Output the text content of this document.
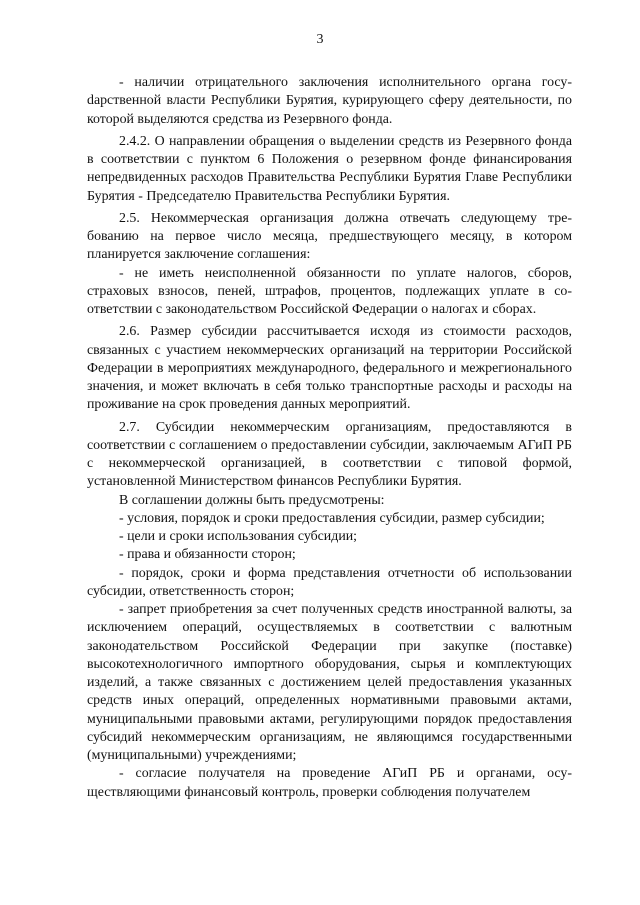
3

- наличии отрицательного заключения исполнительного органа госуdарственной власти Республики Бурятия, курирующего сферу деятельности, по которой выделяются средства из Резервного фонда.

2.4.2. О направлении обращения о выделении средств из Резервного фонда в соответствии с пунктом 6 Положения о резервном фонде финансирования непредвиденных расходов Правительства Республики Бурятия Главе Республики Бурятия - Председателю Правительства Республики Бурятия.

2.5. Некоммерческая организация должна отвечать следующему требованию на первое число месяца, предшествующего месяцу, в котором планируется заключение соглашения:

- не иметь неисполненной обязанности по уплате налогов, сборов, страховых взносов, пеней, штрафов, процентов, подлежащих уплате в соответствии с законодательством Российской Федерации о налогах и сборах.

2.6. Размер субсидии рассчитывается исходя из стоимости расходов, связанных с участием некоммерческих организаций на территории Российской Федерации в мероприятиях международного, федерального и межрегионального значения, и может включать в себя только транспортные расходы и расходы на проживание на срок проведения данных мероприятий.

2.7. Субсидии некоммерческим организациям, предоставляются в соответствии с соглашением о предоставлении субсидии, заключаемым АГиП РБ с некоммерческой организацией, в соответствии с типовой формой, установленной Министерством финансов Республики Бурятия.

В соглашении должны быть предусмотрены:

- условия, порядок и сроки предоставления субсидии, размер субсидии;

- цели и сроки использования субсидии;

- права и обязанности сторон;

- порядок, сроки и форма представления отчетности об использовании субсидии, ответственность сторон;

- запрет приобретения за счет полученных средств иностранной валюты, за исключением операций, осуществляемых в соответствии с валютным законодательством Российской Федерации при закупке (поставке) высокотехнологичного импортного оборудования, сырья и комплектующих изделий, а также связанных с достижением целей предоставления указанных средств иных операций, определенных нормативными правовыми актами, муниципальными правовыми актами, регулирующими порядок предоставления субсидий некоммерческим организациям, не являющимся государственными (муниципальными) учреждениями;

- согласие получателя на проведение АГиП РБ и органами, осуществляющими финансовый контроль, проверки соблюдения получателем
